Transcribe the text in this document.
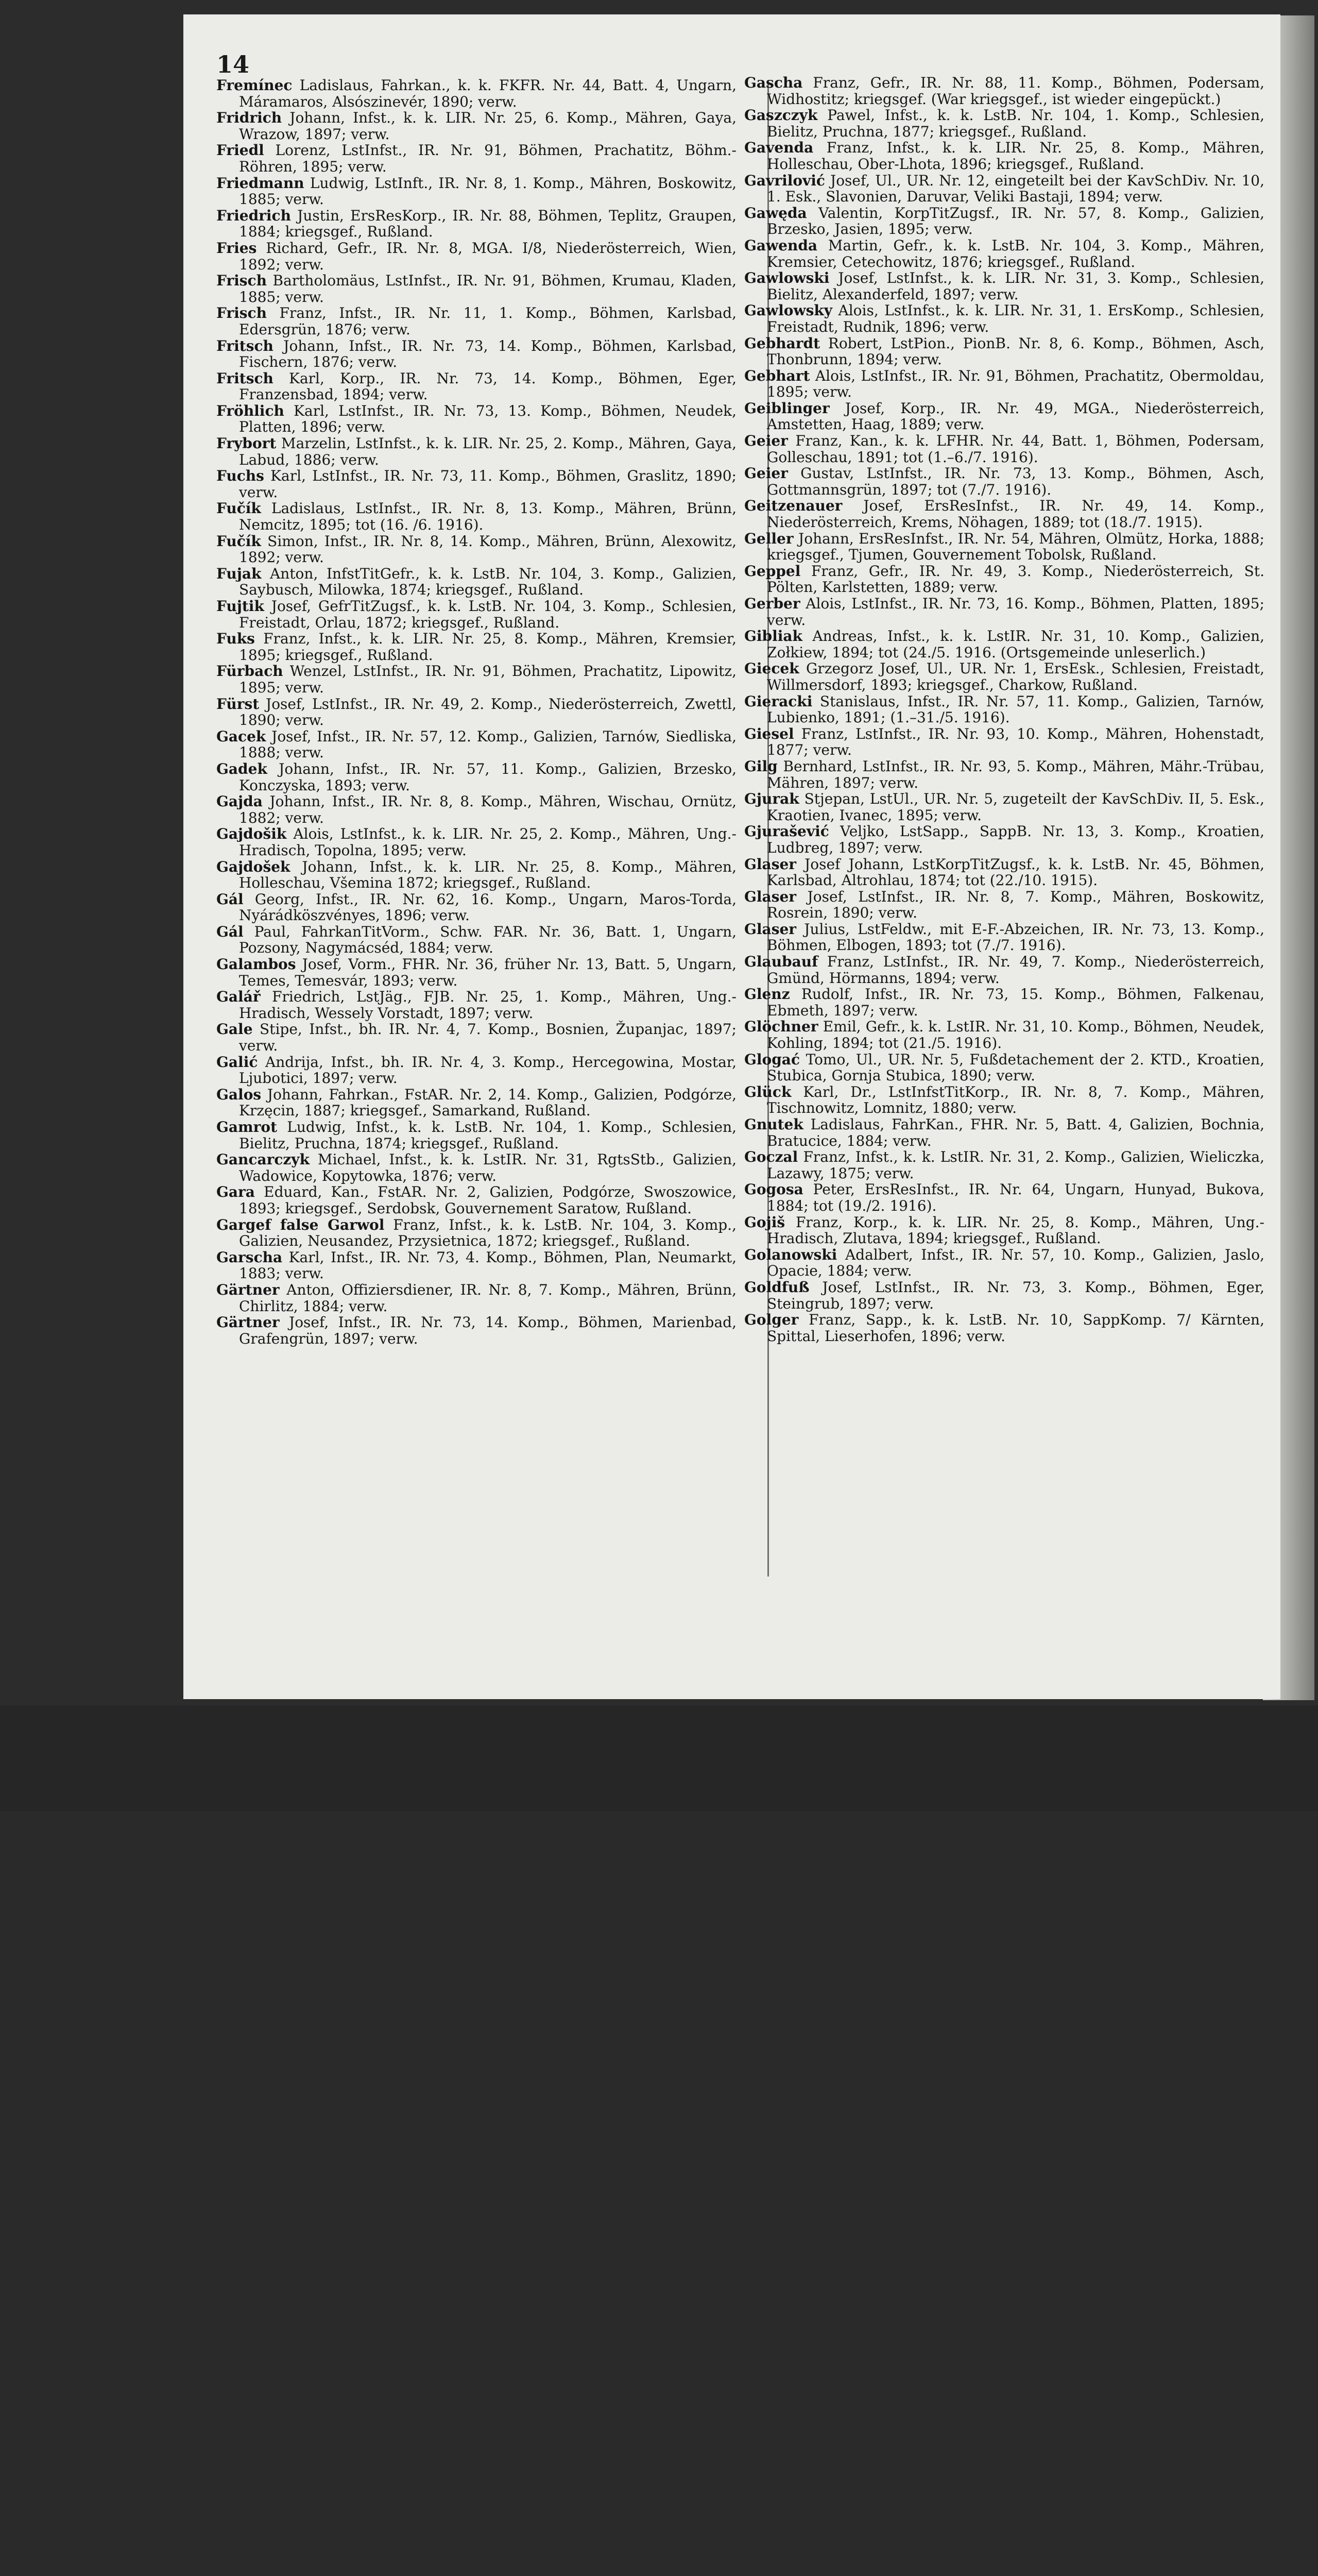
14

Fremínec Ladislaus, Fahrkan., k. k. FKFR. Nr. 44, Batt. 4, Ungarn, Máramaros, Alsószinevér, 1890; verw.

Fridrich Johann, Infst., k. k. LIR. Nr. 25, 6. Komp., Mähren, Gaya, Wrazow, 1897; verw.

Friedl Lorenz, LstInfst., IR. Nr. 91, Böhmen, Prachatitz, Böhm.-Röhren, 1895; verw.

Friedmann Ludwig, LstInft., IR. Nr. 8, 1. Komp., Mähren, Boskowitz, 1885; verw.

Friedrich Justin, ErsResKorp., IR. Nr. 88, Böhmen, Teplitz, Graupen, 1884; kriegsgef., Rußland.

Fries Richard, Gefr., IR. Nr. 8, MGA. I/8, Niederösterreich, Wien, 1892; verw.

Frisch Bartholomäus, LstInfst., IR. Nr. 91, Böhmen, Krumau, Kladen, 1885; verw.

Frisch Franz, Infst., IR. Nr. 11, 1. Komp., Böhmen, Karlsbad, Edersgrün, 1876; verw.

Fritsch Johann, Infst., IR. Nr. 73, 14. Komp., Böhmen, Karlsbad, Fischern, 1876; verw.

Fritsch Karl, Korp., IR. Nr. 73, 14. Komp., Böhmen, Eger, Franzensbad, 1894; verw.

Fröhlich Karl, LstInfst., IR. Nr. 73, 13. Komp., Böhmen, Neudek, Platten, 1896; verw.

Frybort Marzelin, LstInfst., k. k. LIR. Nr. 25, 2. Komp., Mähren, Gaya, Labud, 1886; verw.

Fuchs Karl, LstInfst., IR. Nr. 73, 11. Komp., Böhmen, Graslitz, 1890; verw.

Fučík Ladislaus, LstInfst., IR. Nr. 8, 13. Komp., Mähren, Brünn, Nemcitz, 1895; tot (16. /6. 1916).

Fučík Simon, Infst., IR. Nr. 8, 14. Komp., Mähren, Brünn, Alexowitz, 1892; verw.

Fujak Anton, InfstTitGefr., k. k. LstB. Nr. 104, 3. Komp., Galizien, Saybusch, Milowka, 1874; kriegsgef., Rußland.

Fujtik Josef, GefrTitZugsf., k. k. LstB. Nr. 104, 3. Komp., Schlesien, Freistadt, Orlau, 1872; kriegsgef., Rußland.

Fuks Franz, Infst., k. k. LIR. Nr. 25, 8. Komp., Mähren, Kremsier, 1895; kriegsgef., Rußland.

Fürbach Wenzel, LstInfst., IR. Nr. 91, Böhmen, Prachatitz, Lipowitz, 1895; verw.

Fürst Josef, LstInfst., IR. Nr. 49, 2. Komp., Niederösterreich, Zwettl, 1890; verw.

Gacek Josef, Infst., IR. Nr. 57, 12. Komp., Galizien, Tarnów, Siedliska, 1888; verw.

Gadek Johann, Infst., IR. Nr. 57, 11. Komp., Galizien, Brzesko, Konczyska, 1893; verw.

Gajda Johann, Infst., IR. Nr. 8, 8. Komp., Mähren, Wischau, Ornütz, 1882; verw.

Gajdošik Alois, LstInfst., k. k. LIR. Nr. 25, 2. Komp., Mähren, Ung.-Hradisch, Topolna, 1895; verw.

Gajdošek Johann, Infst., k. k. LIR. Nr. 25, 8. Komp., Mähren, Holleschau, Všemina 1872; kriegsgef., Rußland.

Gál Georg, Infst., IR. Nr. 62, 16. Komp., Ungarn, Maros-Torda, Nyárádköszvényes, 1896; verw.

Gál Paul, FahrkanTitVorm., Schw. FAR. Nr. 36, Batt. 1, Ungarn, Pozsony, Nagymácséd, 1884; verw.

Galambos Josef, Vorm., FHR. Nr. 36, früher Nr. 13, Batt. 5, Ungarn, Temes, Temesvár, 1893; verw.

Galář Friedrich, LstJäg., FJB. Nr. 25, 1. Komp., Mähren, Ung.-Hradisch, Wessely Vorstadt, 1897; verw.

Gale Stipe, Infst., bh. IR. Nr. 4, 7. Komp., Bosnien, Županjac, 1897; verw.

Galić Andrija, Infst., bh. IR. Nr. 4, 3. Komp., Hercegowina, Mostar, Ljubotici, 1897; verw.

Galos Johann, Fahrkan., FstAR. Nr. 2, 14. Komp., Galizien, Podgórze, Krzęcin, 1887; kriegsgef., Samarkand, Rußland.

Gamrot Ludwig, Infst., k. k. LstB. Nr. 104, 1. Komp., Schlesien, Bielitz, Pruchna, 1874; kriegsgef., Rußland.

Gancarczyk Michael, Infst., k. k. LstIR. Nr. 31, RgtsStb., Galizien, Wadowice, Kopytowka, 1876; verw.

Gara Eduard, Kan., FstAR. Nr. 2, Galizien, Podgórze, Swoszowice, 1893; kriegsgef., Serdobsk, Gouvernement Saratow, Rußland.

Gargef false Garwol Franz, Infst., k. k. LstB. Nr. 104, 3. Komp., Galizien, Neusandez, Przysietnica, 1872; kriegsgef., Rußland.

Garscha Karl, Infst., IR. Nr. 73, 4. Komp., Böhmen, Plan, Neumarkt, 1883; verw.

Gärtner Anton, Offiziersdiener, IR. Nr. 8, 7. Komp., Mähren, Brünn, Chirlitz, 1884; verw.

Gärtner Josef, Infst., IR. Nr. 73, 14. Komp., Böhmen, Marienbad, Grafengrün, 1897; verw.

Gascha Franz, Gefr., IR. Nr. 88, 11. Komp., Böhmen, Podersam, Widhostitz; kriegsgef. (War kriegsgef., ist wieder eingeрückt.)

Gaszczyk Pawel, Infst., k. k. LstB. Nr. 104, 1. Komp., Schlesien, Bielitz, Pruchna, 1877; kriegsgef., Rußland.

Gavenda Franz, Infst., k. k. LIR. Nr. 25, 8. Komp., Mähren, Holleschau, Ober-Lhota, 1896; kriegsgef., Rußland.

Gavrilović Josef, Ul., UR. Nr. 12, eingeteilt bei der KavSchDiv. Nr. 10, 1. Esk., Slavonien, Daruvar, Veliki Bastaji, 1894; verw.

Gawęda Valentin, KorpTitZugsf., IR. Nr. 57, 8. Komp., Galizien, Brzesko, Jasien, 1895; verw.

Gawenda Martin, Gefr., k. k. LstB. Nr. 104, 3. Komp., Mähren, Kremsier, Cetechowitz, 1876; kriegsgef., Rußland.

Gawlowski Josef, LstInfst., k. k. LIR. Nr. 31, 3. Komp., Schlesien, Bielitz, Alexanderfeld, 1897; verw.

Gawlowsky Alois, LstInfst., k. k. LIR. Nr. 31, 1. ErsKomp., Schlesien, Freistadt, Rudnik, 1896; verw.

Gebhardt Robert, LstPion., PionB. Nr. 8, 6. Komp., Böhmen, Asch, Thonbrunn, 1894; verw.

Gebhart Alois, LstInfst., IR. Nr. 91, Böhmen, Prachatitz, Obermoldau, 1895; verw.

Geiblinger Josef, Korp., IR. Nr. 49, MGA., Niederösterreich, Amstetten, Haag, 1889; verw.

Geier Franz, Kan., k. k. LFHR. Nr. 44, Batt. 1, Böhmen, Podersam, Golleschau, 1891; tot (1.–6./7. 1916).

Geier Gustav, LstInfst., IR. Nr. 73, 13. Komp., Böhmen, Asch, Gottmannsgrün, 1897; tot (7./7. 1916).

Geitzenauer Josef, ErsResInfst., IR. Nr. 49, 14. Komp., Niederösterreich, Krems, Nöhagen, 1889; tot (18./7. 1915).

Geller Johann, ErsResInfst., IR. Nr. 54, Mähren, Olmütz, Horka, 1888; kriegsgef., Tjumen, Gouvernement Tobolsk, Rußland.

Geppel Franz, Gefr., IR. Nr. 49, 3. Komp., Niederösterreich, St. Pölten, Karlstetten, 1889; verw.

Gerber Alois, LstInfst., IR. Nr. 73, 16. Komp., Böhmen, Platten, 1895; verw.

Gibliak Andreas, Infst., k. k. LstIR. Nr. 31, 10. Komp., Galizien, Zołkiew, 1894; tot (24./5. 1916. (Ortsgemeinde unleserlich.)

Giecek Grzegorz Josef, Ul., UR. Nr. 1, ErsEsk., Schlesien, Freistadt, Willmersdorf, 1893; kriegsgef., Charkow, Rußland.

Gieracki Stanislaus, Infst., IR. Nr. 57, 11. Komp., Galizien, Tarnów, Lubienko, 1891; (1.–31./5. 1916).

Giesel Franz, LstInfst., IR. Nr. 93, 10. Komp., Mähren, Hohenstadt, 1877; verw.

Gilg Bernhard, LstInfst., IR. Nr. 93, 5. Komp., Mähren, Mähr.-Trübau, Mähren, 1897; verw.

Gjurak Stjepan, LstUl., UR. Nr. 5, zugeteilt der KavSchDiv. II, 5. Esk., Kraotien, Ivanec, 1895; verw.

Gjurašević Veljko, LstSapp., SappB. Nr. 13, 3. Komp., Kroatien, Ludbreg, 1897; verw.

Glaser Josef Johann, LstKorpTitZugsf., k. k. LstB. Nr. 45, Böhmen, Karlsbad, Altrohlau, 1874; tot (22./10. 1915).

Glaser Josef, LstInfst., IR. Nr. 8, 7. Komp., Mähren, Boskowitz, Rosrein, 1890; verw.

Glaser Julius, LstFeldw., mit E-F.-Abzeichen, IR. Nr. 73, 13. Komp., Böhmen, Elbogen, 1893; tot (7./7. 1916).

Glaubauf Franz, LstInfst., IR. Nr. 49, 7. Komp., Niederösterreich, Gmünd, Hörmanns, 1894; verw.

Glenz Rudolf, Infst., IR. Nr. 73, 15. Komp., Böhmen, Falkenau, Ebmeth, 1897; verw.

Glöchner Emil, Gefr., k. k. LstIR. Nr. 31, 10. Komp., Böhmen, Neudek, Kohling, 1894; tot (21./5. 1916).

Glogać Tomo, Ul., UR. Nr. 5, Fußdetachement der 2. KTD., Kroatien, Stubica, Gornja Stubica, 1890; verw.

Glück Karl, Dr., LstInfstTitKorp., IR. Nr. 8, 7. Komp., Mähren, Tischnowitz, Lomnitz, 1880; verw.

Gnutek Ladislaus, FahrKan., FHR. Nr. 5, Batt. 4, Galizien, Bochnia, Bratucice, 1884; verw.

Goczal Franz, Infst., k. k. LstIR. Nr. 31, 2. Komp., Galizien, Wieliczka, Lazawy, 1875; verw.

Gogosa Peter, ErsResInfst., IR. Nr. 64, Ungarn, Hunyad, Bukova, 1884; tot (19./2. 1916).

Gojiš Franz, Korp., k. k. LIR. Nr. 25, 8. Komp., Mähren, Ung.-Hradisch, Zlutava, 1894; kriegsgef., Rußland.

Golanowski Adalbert, Infst., IR. Nr. 57, 10. Komp., Galizien, Jaslo, Opacie, 1884; verw.

Goldfuß Josef, LstInfst., IR. Nr. 73, 3. Komp., Böhmen, Eger, Steingrub, 1897; verw.

Golger Franz, Sapp., k. k. LstB. Nr. 10, SappKomp. 7/ Kärnten, Spittal, Lieserhofen, 1896; verw.
